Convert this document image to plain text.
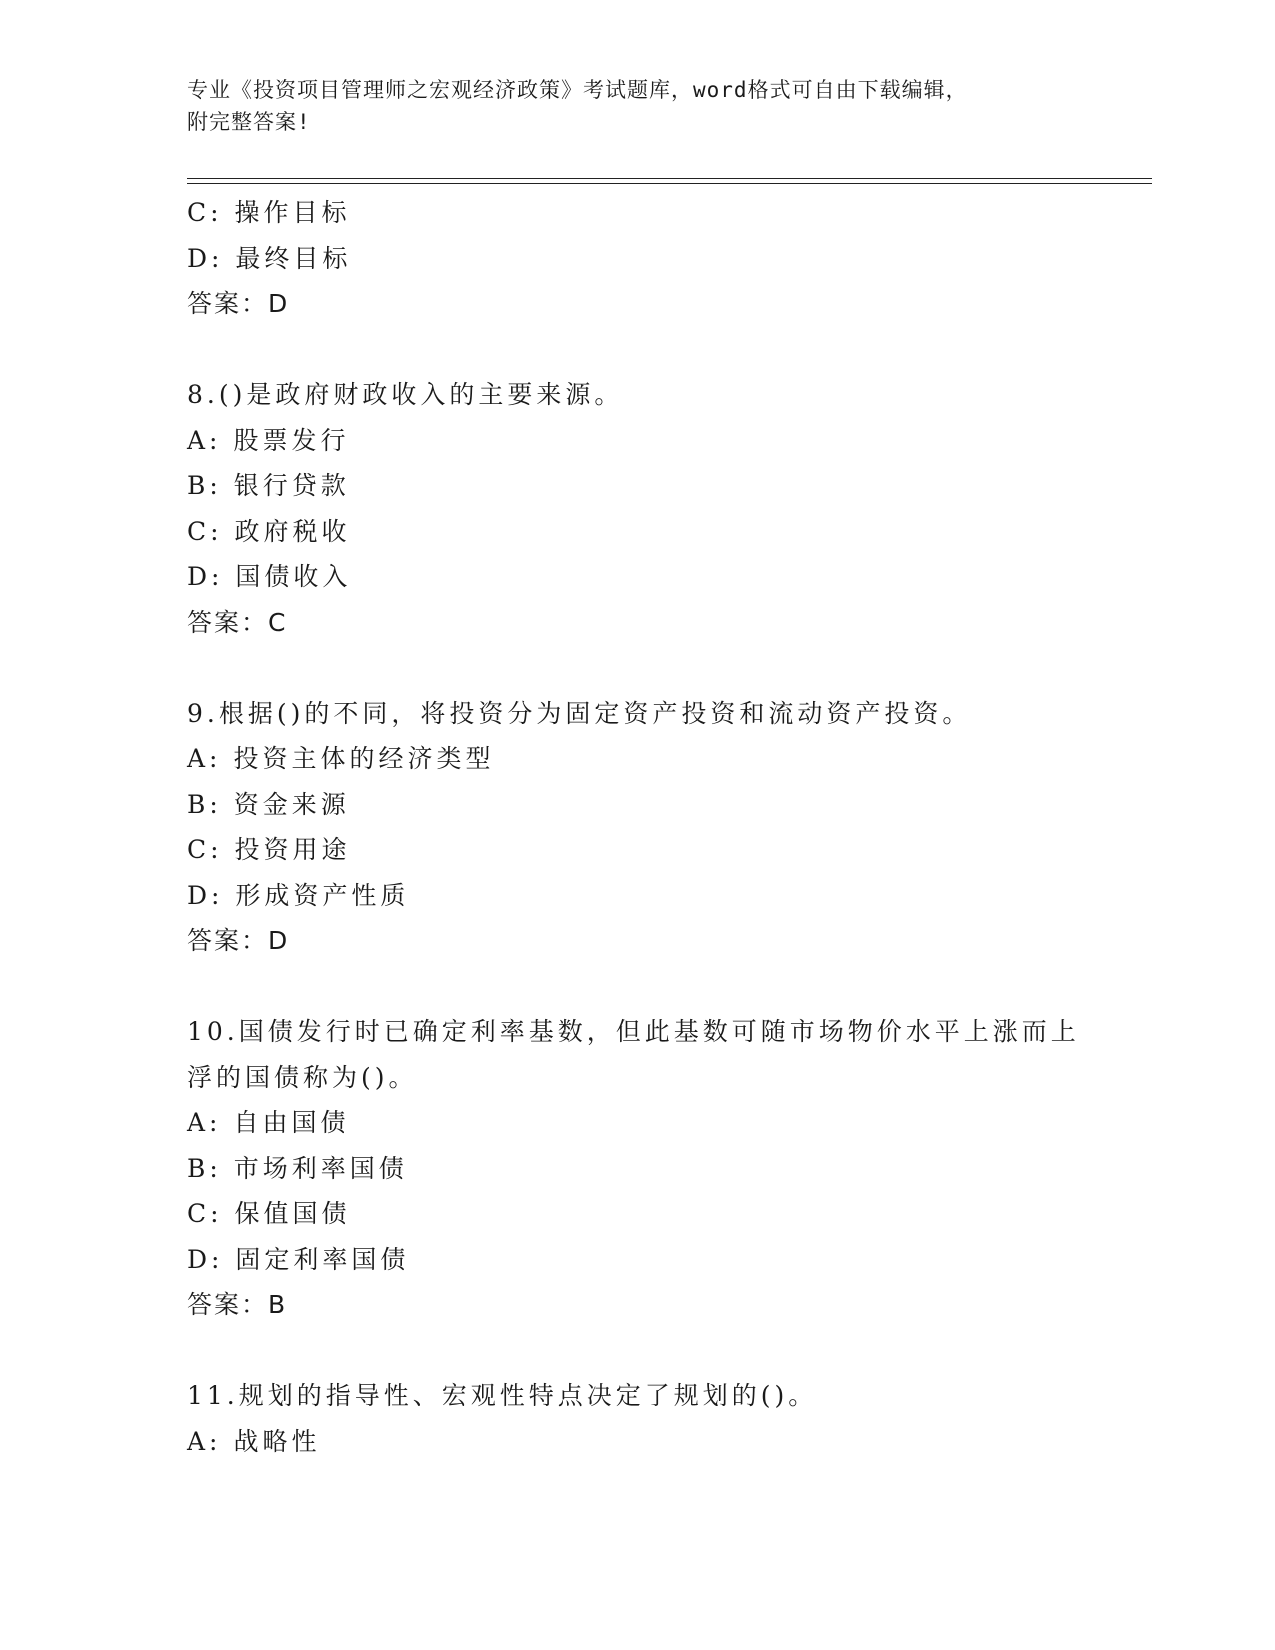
专业《投资项目管理师之宏观经济政策》考试题库，word格式可自由下载编辑，
附完整答案!
C: 操作目标
D: 最终目标
答案：D
8.()是政府财政收入的主要来源。
A: 股票发行
B: 银行贷款
C: 政府税收
D: 国债收入
答案：C
9.根据()的不同，将投资分为固定资产投资和流动资产投资。
A: 投资主体的经济类型
B: 资金来源
C: 投资用途
D: 形成资产性质
答案：D
10.国债发行时已确定利率基数，但此基数可随市场物价水平上涨而上
浮的国债称为()。
A: 自由国债
B: 市场利率国债
C: 保值国债
D: 固定利率国债
答案：B
11.规划的指导性、宏观性特点决定了规划的()。
A: 战略性
